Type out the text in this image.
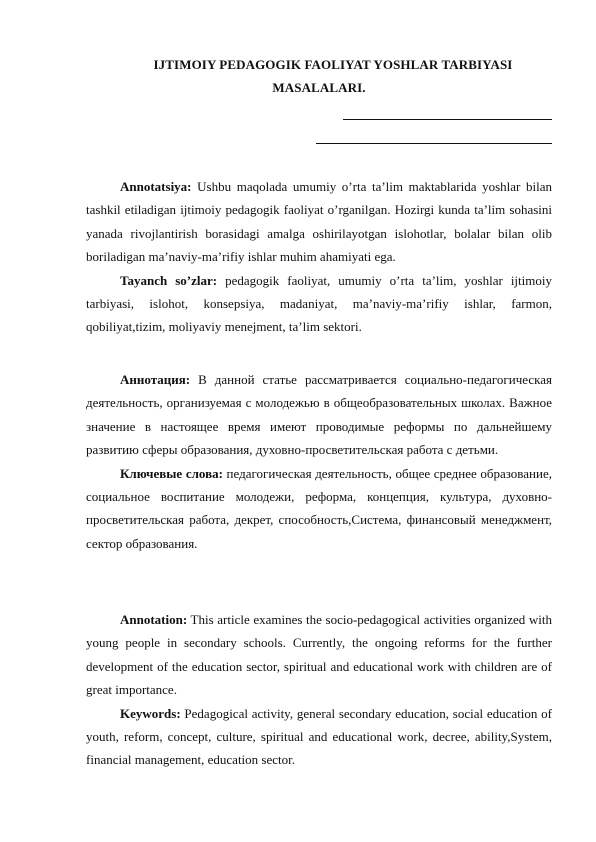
IJTIMOIY PEDAGOGIK FAOLIYAT YOSHLAR TARBIYASI
MASALALARI.

Annotatsiya: Ushbu maqolada umumiy o’rta ta’lim maktablarida yoshlar bilan tashkil etiladigan ijtimoiy pedagogik faoliyat o’rganilgan. Hozirgi kunda ta’lim sohasini yanada rivojlantirish borasidagi amalga oshirilayotgan islohotlar, bolalar bilan olib boriladigan ma’naviy-ma’rifiy ishlar muhim ahamiyati ega.

Tayanch so’zlar: pedagogik faoliyat, umumiy o’rta ta’lim, yoshlar ijtimoiy tarbiyasi, islohot, konsepsiya, madaniyat, ma’naviy-ma’rifiy ishlar, farmon, qobiliyat,tizim, moliyaviy menejment, ta’lim sektori.

Аннотация: В данной статье рассматривается социально-педагогическая деятельность, организуемая с молодежью в общеобразовательных школах. Важное значение в настоящее время имеют проводимые реформы по дальнейшему развитию сферы образования, духовно-просветительская работа с детьми.

Ключевые слова: педагогическая деятельность, общее среднее образование, социальное воспитание молодежи, реформа, концепция, культура, духовно-просветительская работа, декрет, способность,Система, финансовый менеджмент, сектор образования.

Annotation: This article examines the socio-pedagogical activities organized with young people in secondary schools. Currently, the ongoing reforms for the further development of the education sector, spiritual and educational work with children are of great importance.

Keywords: Pedagogical activity, general secondary education, social education of youth, reform, concept, culture, spiritual and educational work, decree, ability,System, financial management, education sector.
